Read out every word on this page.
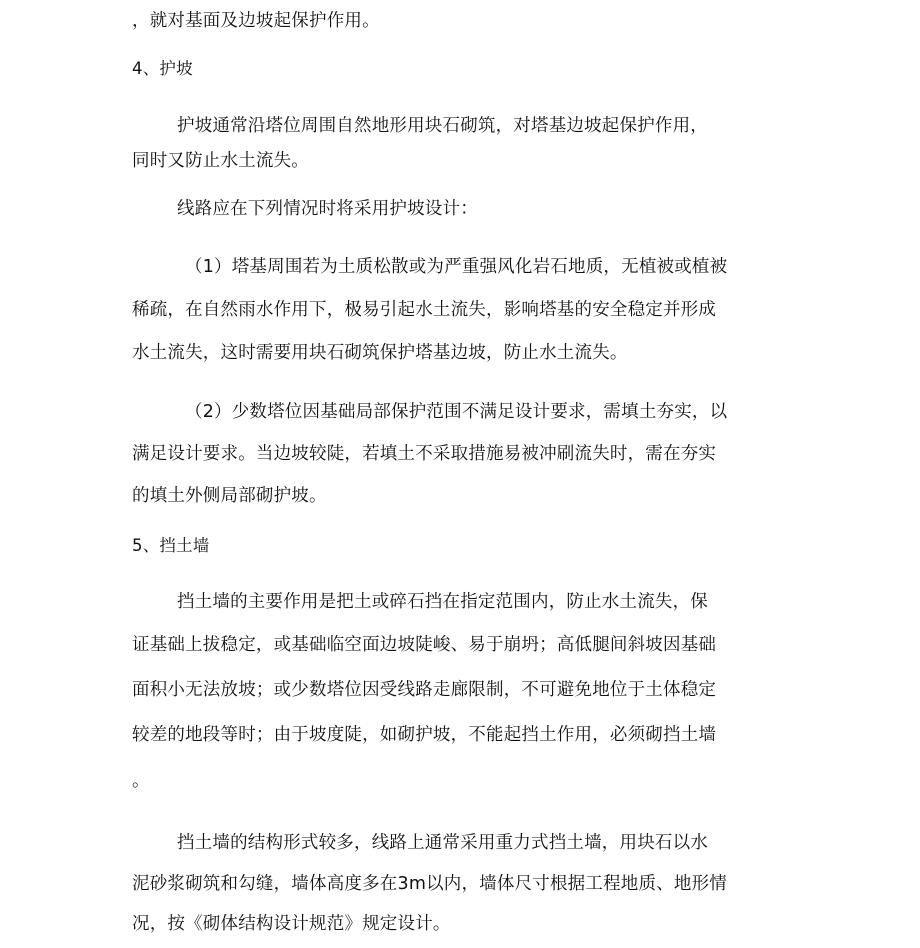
，就对基面及边坡起保护作用。
4、护坡
护坡通常沿塔位周围自然地形用块石砌筑，对塔基边坡起保护作用，
同时又防止水土流失。
线路应在下列情况时将采用护坡设计：
（1）塔基周围若为土质松散或为严重强风化岩石地质，无植被或植被
稀疏，在自然雨水作用下，极易引起水土流失，影响塔基的安全稳定并形成
水土流失，这时需要用块石砌筑保护塔基边坡，防止水土流失。
（2）少数塔位因基础局部保护范围不满足设计要求，需填土夯实，以
满足设计要求。当边坡较陡，若填土不采取措施易被冲刷流失时，需在夯实
的填土外侧局部砌护坡。
5、挡土墙
挡土墙的主要作用是把土或碎石挡在指定范围内，防止水土流失，保
证基础上拔稳定，或基础临空面边坡陡峻、易于崩坍；高低腿间斜坡因基础
面积小无法放坡；或少数塔位因受线路走廊限制，不可避免地位于土体稳定
较差的地段等时；由于坡度陡，如砌护坡，不能起挡土作用，必须砌挡土墙
。
挡土墙的结构形式较多，线路上通常采用重力式挡土墙，用块石以水
泥砂浆砌筑和勾缝，墙体高度多在3m以内，墙体尺寸根据工程地质、地形情
况，按《砌体结构设计规范》规定设计。
